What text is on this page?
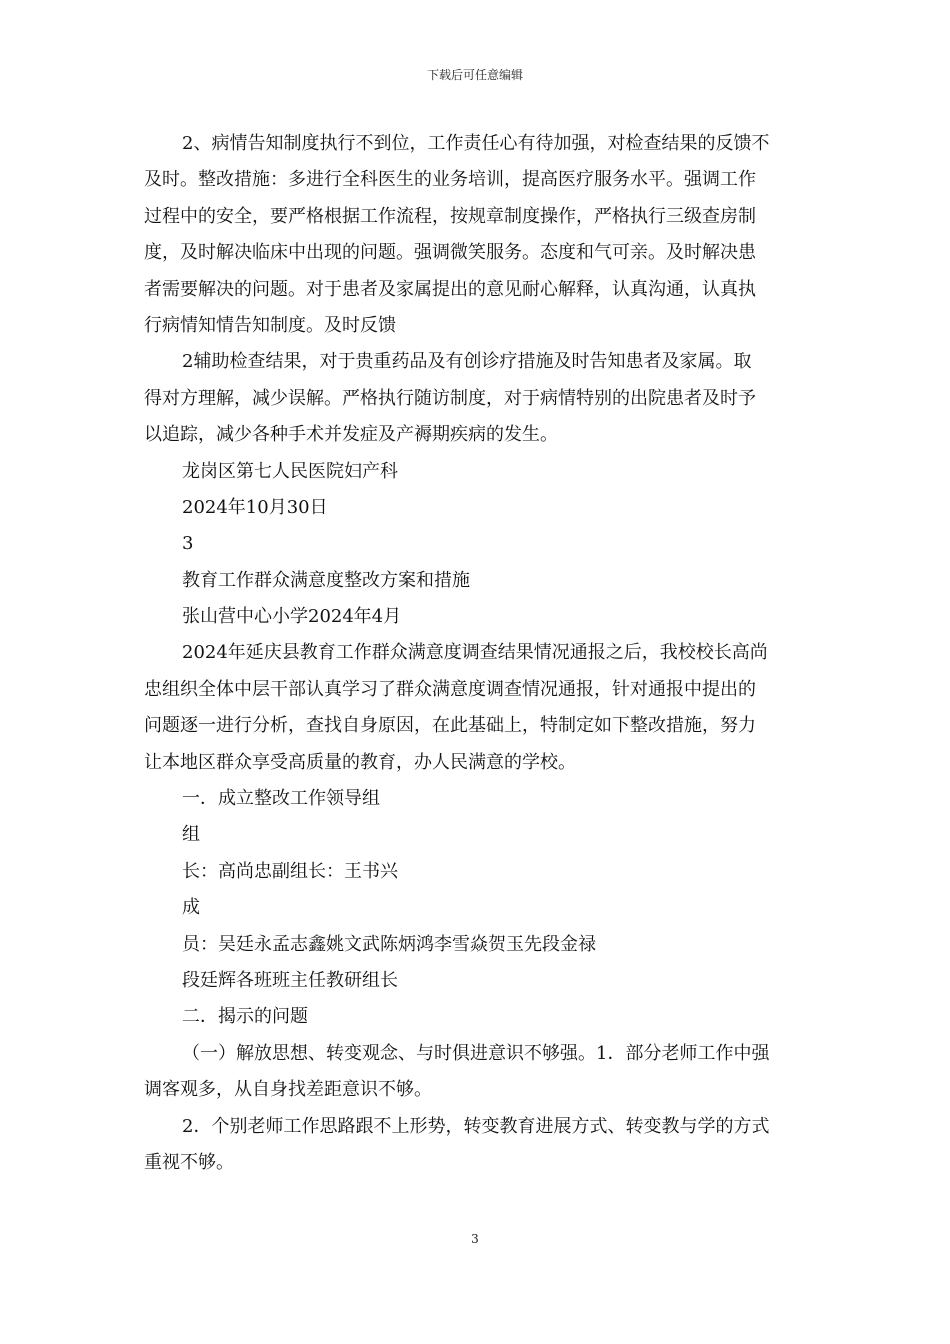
下载后可任意编辑
2、病情告知制度执行不到位，工作责任心有待加强，对检查结果的反馈不
及时。整改措施：多进行全科医生的业务培训，提高医疗服务水平。强调工作
过程中的安全，要严格根据工作流程，按规章制度操作，严格执行三级查房制
度，及时解决临床中出现的问题。强调微笑服务。态度和气可亲。及时解决患
者需要解决的问题。对于患者及家属提出的意见耐心解释，认真沟通，认真执
行病情知情告知制度。及时反馈
2辅助检查结果，对于贵重药品及有创诊疗措施及时告知患者及家属。取
得对方理解，减少误解。严格执行随访制度，对于病情特别的出院患者及时予
以追踪，减少各种手术并发症及产褥期疾病的发生。
龙岗区第七人民医院妇产科
2024年10月30日
3
教育工作群众满意度整改方案和措施
张山营中心小学2024年4月
2024年延庆县教育工作群众满意度调查结果情况通报之后，我校校长高尚
忠组织全体中层干部认真学习了群众满意度调查情况通报，针对通报中提出的
问题逐一进行分析，查找自身原因，在此基础上，特制定如下整改措施，努力
让本地区群众享受高质量的教育，办人民满意的学校。
一．成立整改工作领导组
组
长：高尚忠副组长：王书兴
成
员：吴廷永孟志鑫姚文武陈炳鸿李雪焱贺玉先段金禄
段廷辉各班班主任教研组长
二．揭示的问题
（一）解放思想、转变观念、与时俱进意识不够强。1．部分老师工作中强
调客观多，从自身找差距意识不够。
2．个别老师工作思路跟不上形势，转变教育进展方式、转变教与学的方式
重视不够。
3
